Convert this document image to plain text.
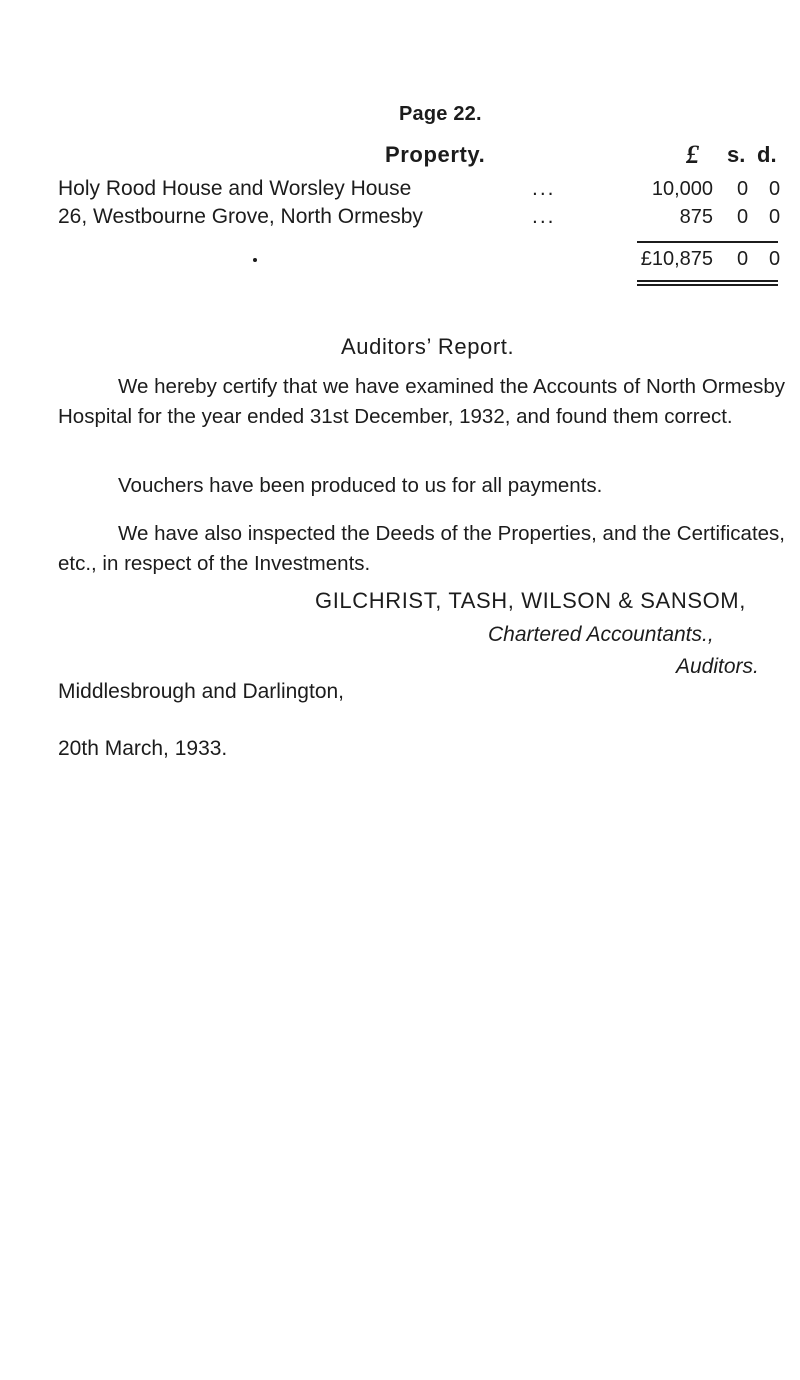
Page 22.
Property.	£ s. d.
Holy Rood House and Worsley House	...	10,000 0 0
26, Westbourne Grove, North Ormesby	...	875 0 0
£10,875 0 0
Auditors’ Report.
We hereby certify that we have examined the Accounts of North Ormesby Hospital for the year ended 31st December, 1932, and found them correct.
Vouchers have been produced to us for all payments.
We have also inspected the Deeds of the Properties, and the Certificates, etc., in respect of the Investments.
GILCHRIST, TASH, WILSON & SANSOM,
Chartered Accountants.,
Auditors.
Middlesbrough and Darlington,
20th March, 1933.
